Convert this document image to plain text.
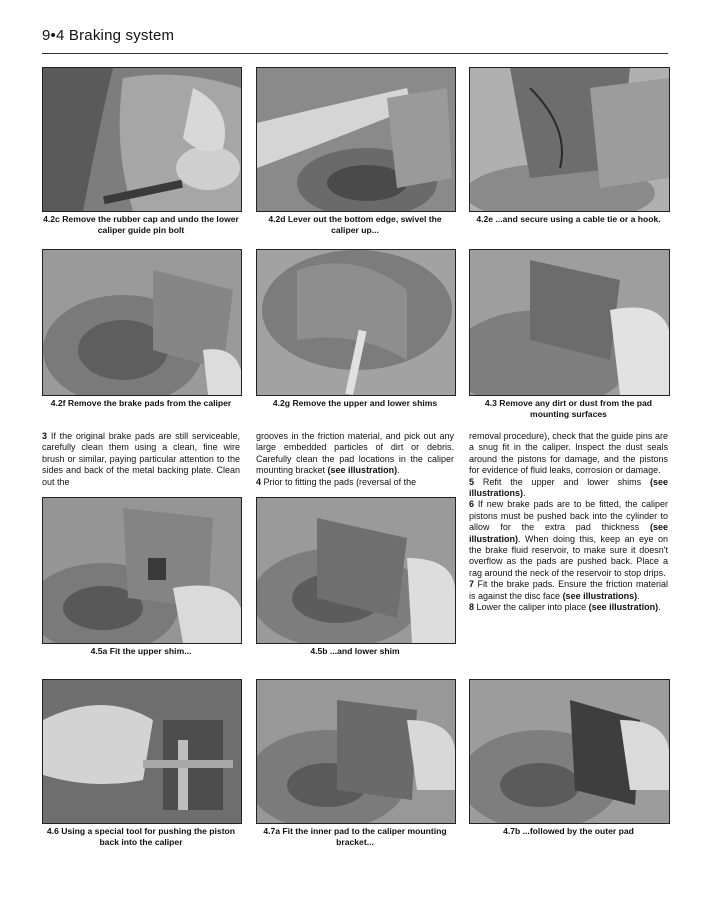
9•4 Braking system
4.2c Remove the rubber cap and undo the lower caliper guide pin bolt
4.2d Lever out the bottom edge, swivel the caliper up...
4.2e ...and secure using a cable tie or a hook.
4.2f Remove the brake pads from the caliper	4.2g Remove the upper and lower shims	4.3 Remove any dirt or dust from the pad mounting surfaces

3 If the original brake pads are still serviceable, carefully clean them using a clean, fine wire brush or similar, paying particular attention to the sides and back of the metal backing plate. Clean out the

grooves in the friction material, and pick out any large embedded particles of dirt or debris. Carefully clean the pad locations in the caliper mounting bracket (see illustration).

4 Prior to fitting the pads (reversal of the

removal procedure), check that the guide pins are a snug fit in the caliper. Inspect the dust seals around the pistons for damage, and the pistons for evidence of fluid leaks, corrosion or damage.

5 Refit the upper and lower shims (see illustrations).

6 If new brake pads are to be fitted, the caliper pistons must be pushed back into the cylinder to allow for the extra pad thickness (see illustration). When doing this, keep an eye on the brake fluid reservoir, to make sure it doesn't overflow as the pads are pushed back. Place a rag around the neck of the reservoir to stop drips.

7 Fit the brake pads. Ensure the friction material is against the disc face (see illustrations).

8 Lower the caliper into place (see illustration).

4.5a Fit the upper shim...	4.5b ...and lower shim
4.6 Using a special tool for pushing the piston back into the caliper
4.7a Fit the inner pad to the caliper mounting bracket...
4.7b ...followed by the outer pad
